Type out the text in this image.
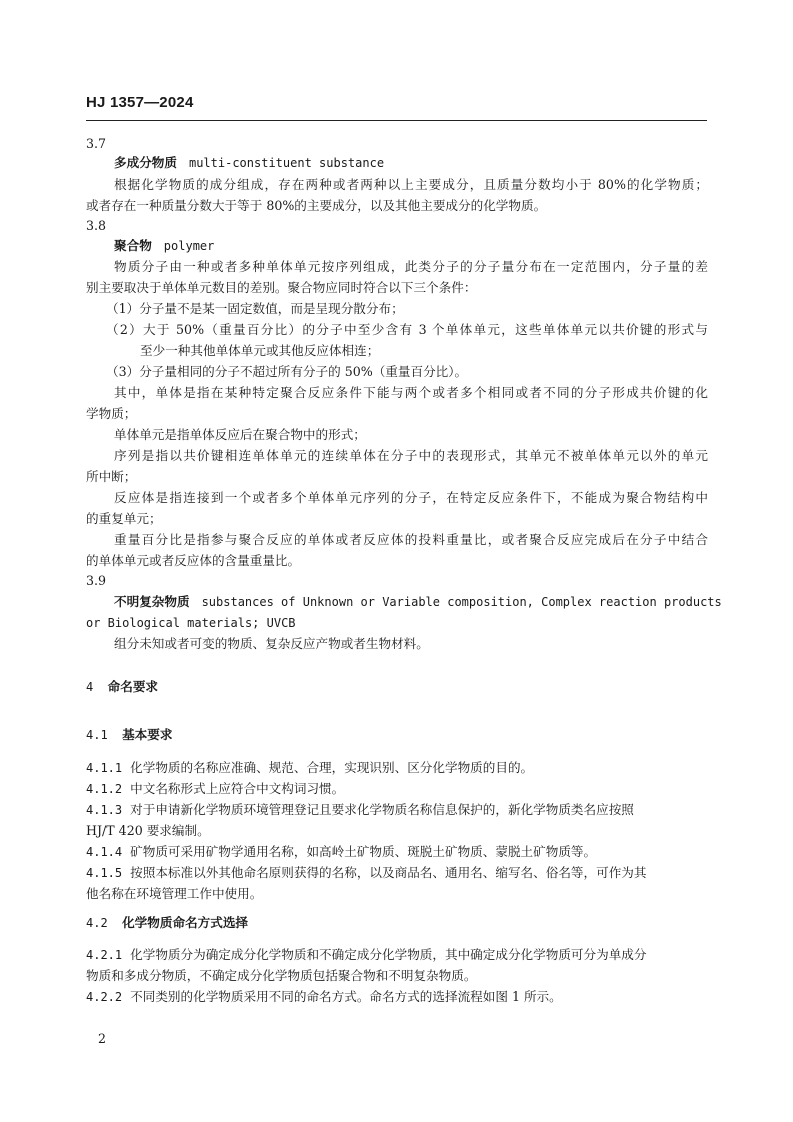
HJ 1357—2024
3.7
多成分物质 multi-constituent substance
根据化学物质的成分组成，存在两种或者两种以上主要成分，且质量分数均小于 80%的化学物质；
或者存在一种质量分数大于等于 80%的主要成分，以及其他主要成分的化学物质。
3.8
聚合物 polymer
物质分子由一种或者多种单体单元按序列组成，此类分子的分子量分布在一定范围内，分子量的差
别主要取决于单体单元数目的差别。聚合物应同时符合以下三个条件：
（1）分子量不是某一固定数值，而是呈现分散分布；
（2）大于 50%（重量百分比）的分子中至少含有 3 个单体单元，这些单体单元以共价键的形式与
至少一种其他单体单元或其他反应体相连；
（3）分子量相同的分子不超过所有分子的 50%（重量百分比）。
其中，单体是指在某种特定聚合反应条件下能与两个或者多个相同或者不同的分子形成共价键的化
学物质；
单体单元是指单体反应后在聚合物中的形式；
序列是指以共价键相连单体单元的连续单体在分子中的表现形式，其单元不被单体单元以外的单元
所中断；
反应体是指连接到一个或者多个单体单元序列的分子，在特定反应条件下，不能成为聚合物结构中
的重复单元；
重量百分比是指参与聚合反应的单体或者反应体的投料重量比，或者聚合反应完成后在分子中结合
的单体单元或者反应体的含量重量比。
3.9
不明复杂物质 substances of Unknown or Variable composition, Complex reaction products
or Biological materials; UVCB
组分未知或者可变的物质、复杂反应产物或者生物材料。
4 命名要求
4.1 基本要求
4.1.1 化学物质的名称应准确、规范、合理，实现识别、区分化学物质的目的。
4.1.2 中文名称形式上应符合中文构词习惯。
4.1.3 对于申请新化学物质环境管理登记且要求化学物质名称信息保护的，新化学物质类名应按照
HJ/T 420 要求编制。
4.1.4 矿物质可采用矿物学通用名称，如高岭土矿物质、斑脱土矿物质、蒙脱土矿物质等。
4.1.5 按照本标准以外其他命名原则获得的名称，以及商品名、通用名、缩写名、俗名等，可作为其
他名称在环境管理工作中使用。
4.2 化学物质命名方式选择
4.2.1 化学物质分为确定成分化学物质和不确定成分化学物质，其中确定成分化学物质可分为单成分
物质和多成分物质，不确定成分化学物质包括聚合物和不明复杂物质。
4.2.2 不同类别的化学物质采用不同的命名方式。命名方式的选择流程如图 1 所示。
2
